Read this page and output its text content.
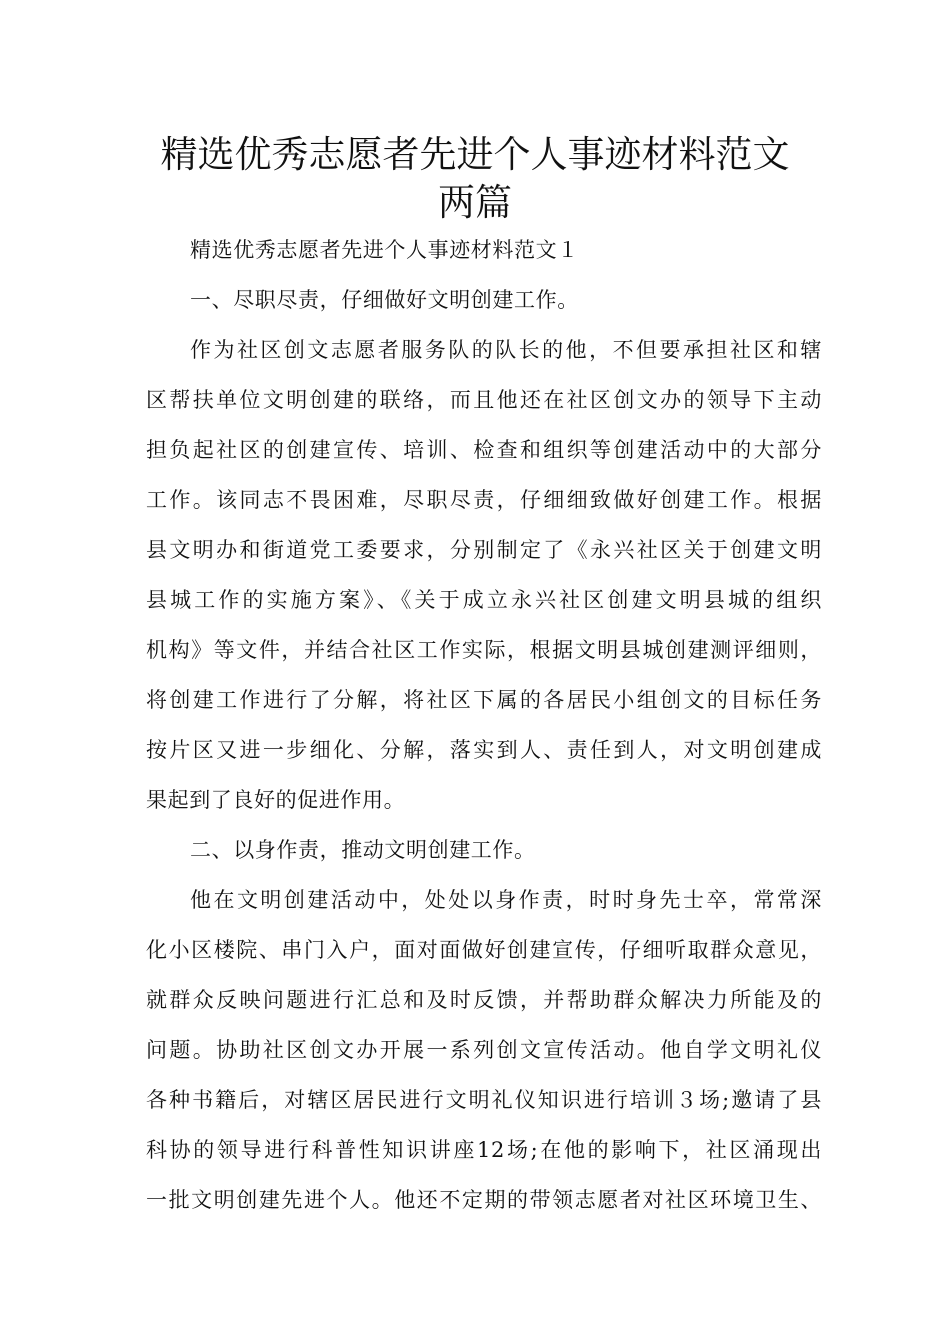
精选优秀志愿者先进个人事迹材料范文
两篇
精选优秀志愿者先进个人事迹材料范文１
一、尽职尽责，仔细做好文明创建工作。
作为社区创文志愿者服务队的队长的他，不但要承担社区和辖
区帮扶单位文明创建的联络，而且他还在社区创文办的领导下主动
担负起社区的创建宣传、培训、检查和组织等创建活动中的大部分
工作。该同志不畏困难，尽职尽责，仔细细致做好创建工作。根据
县文明办和街道党工委要求，分别制定了《永兴社区关于创建文明
县城工作的实施方案》、《关于成立永兴社区创建文明县城的组织
机构》等文件，并结合社区工作实际，根据文明县城创建测评细则，
将创建工作进行了分解，将社区下属的各居民小组创文的目标任务
按片区又进一步细化、分解，落实到人、责任到人，对文明创建成
果起到了良好的促进作用。
二、以身作责，推动文明创建工作。
他在文明创建活动中，处处以身作责，时时身先士卒，常常深
化小区楼院、串门入户，面对面做好创建宣传，仔细听取群众意见，
就群众反映问题进行汇总和及时反馈，并帮助群众解决力所能及的
问题。协助社区创文办开展一系列创文宣传活动。他自学文明礼仪
各种书籍后，对辖区居民进行文明礼仪知识进行培训３场;邀请了县
科协的领导进行科普性知识讲座12场;在他的影响下，社区涌现出
一批文明创建先进个人。他还不定期的带领志愿者对社区环境卫生、
